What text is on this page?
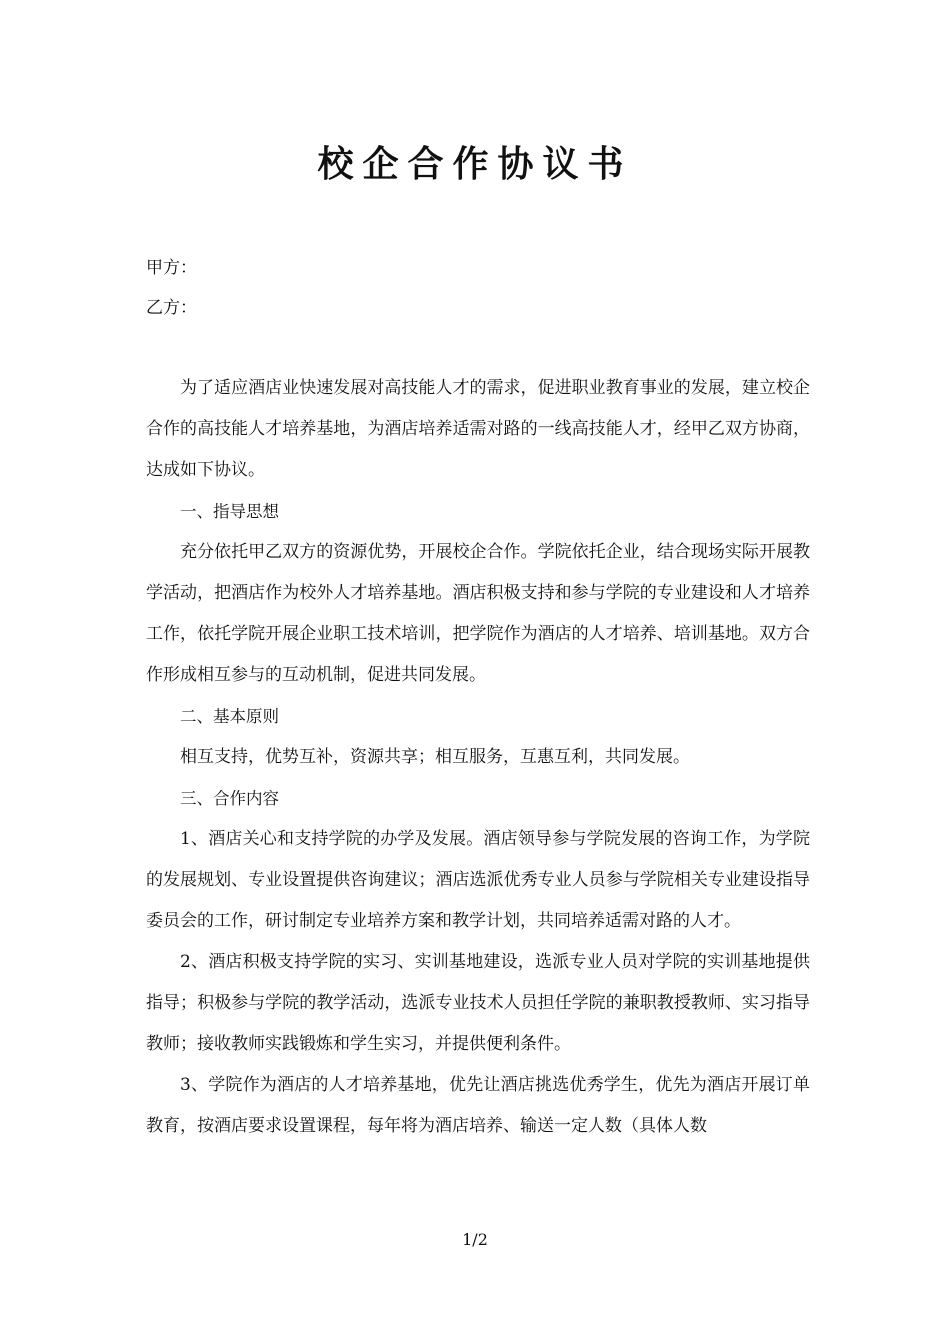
校企合作协议书
甲方：
乙方：

为了适应酒店业快速发展对高技能人才的需求，促进职业教育事业的发展，建立校企合作的高技能人才培养基地，为酒店培养适需对路的一线高技能人才，经甲乙双方协商，达成如下协议。

一、指导思想

充分依托甲乙双方的资源优势，开展校企合作。学院依托企业，结合现场实际开展教学活动，把酒店作为校外人才培养基地。酒店积极支持和参与学院的专业建设和人才培养工作，依托学院开展企业职工技术培训，把学院作为酒店的人才培养、培训基地。双方合作形成相互参与的互动机制，促进共同发展。

二、基本原则

相互支持，优势互补，资源共享；相互服务，互惠互利，共同发展。

三、合作内容

1、酒店关心和支持学院的办学及发展。酒店领导参与学院发展的咨询工作，为学院的发展规划、专业设置提供咨询建议；酒店选派优秀专业人员参与学院相关专业建设指导委员会的工作，研讨制定专业培养方案和教学计划，共同培养适需对路的人才。

2、酒店积极支持学院的实习、实训基地建设，选派专业人员对学院的实训基地提供指导；积极参与学院的教学活动，选派专业技术人员担任学院的兼职教授教师、实习指导教师；接收教师实践锻炼和学生实习，并提供便利条件。

3、学院作为酒店的人才培养基地，优先让酒店挑选优秀学生，优先为酒店开展订单教育，按酒店要求设置课程，每年将为酒店培养、输送一定人数（具体人数

1/2
